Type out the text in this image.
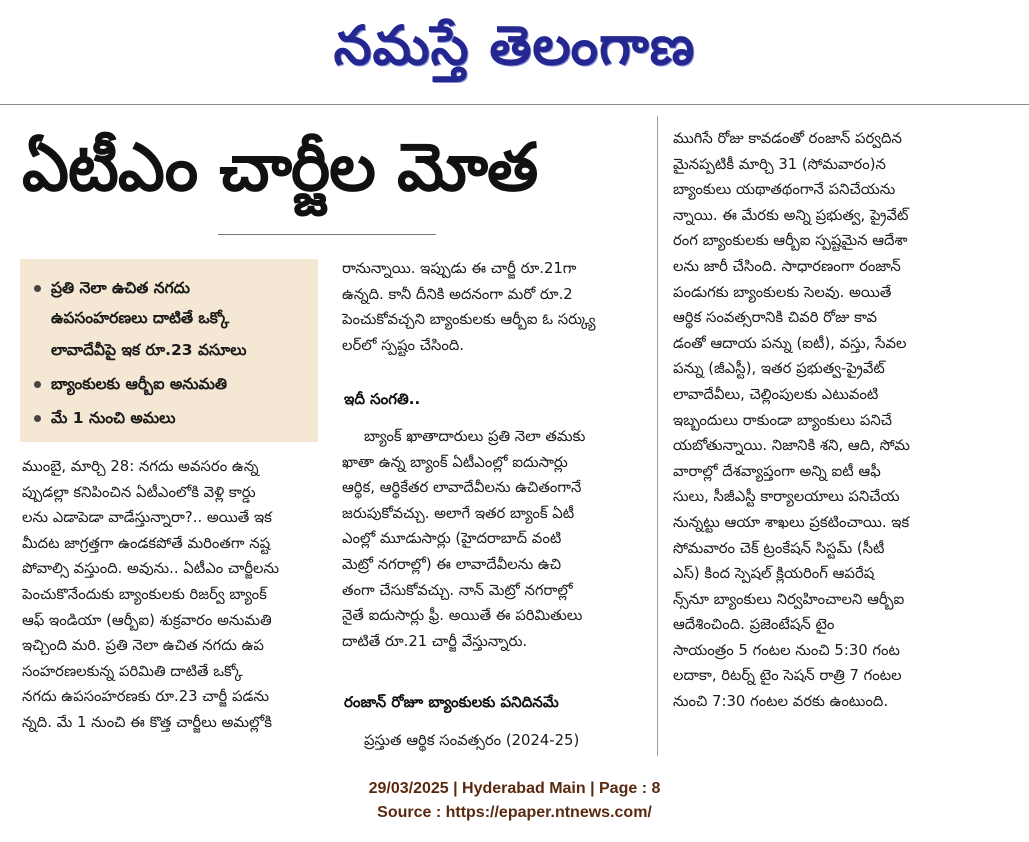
నమస్తే తెలంగాణ
ఏటీఎం చార్జీల మోత
ప్రతి నెలా ఉచిత నగదు
ఉపసంహరణలు దాటితే ఒక్కో
లావాదేవీపై ఇక రూ.23 వసూలు
బ్యాంకులకు ఆర్బీఐ అనుమతి
మే 1 నుంచి అమలు

ముంబై, మార్చి 28: నగదు అవసరం ఉన్న

ప్పుడల్లా కనిపించిన ఏటీఎంలోకి వెళ్లి కార్డు

లను ఎడాపెడా వాడేస్తున్నారా?.. అయితే ఇక

మీదట జాగ్రత్తగా ఉండకపోతే మరింతగా నష్ట

పోవాల్సి వస్తుంది. అవును.. ఏటీఎం చార్జీలను

పెంచుకొనేందుకు బ్యాంకులకు రిజర్వ్ బ్యాంక్

ఆఫ్ ఇండియా (ఆర్బీఐ) శుక్రవారం అనుమతి

ఇచ్చింది మరి. ప్రతి నెలా ఉచిత నగదు ఉప

సంహరణలకున్న పరిమితి దాటితే ఒక్కో

నగదు ఉపసంహరణకు రూ.23 చార్జీ పడను

న్నది. మే 1 నుంచి ఈ కొత్త చార్జీలు అమల్లోకి

రానున్నాయి. ఇప్పుడు ఈ చార్జీ రూ.21గా

ఉన్నది. కానీ దీనికి అదనంగా మరో రూ.2

పెంచుకోవచ్చని బ్యాంకులకు ఆర్బీఐ ఓ సర్క్యు

లర్‌లో స్పష్టం చేసింది.

ఇదీ సంగతి..

బ్యాంక్ ఖాతాదారులు ప్రతి నెలా తమకు

ఖాతా ఉన్న బ్యాంక్ ఏటీఎంల్లో ఐదుసార్లు

ఆర్థిక, ఆర్థికేతర లావాదేవీలను ఉచితంగానే

జరుపుకోవచ్చు. అలాగే ఇతర బ్యాంక్ ఏటీ

ఎంల్లో మూడుసార్లు (హైదరాబాద్ వంటి

మెట్రో నగరాల్లో) ఈ లావాదేవీలను ఉచి

తంగా చేసుకోవచ్చు. నాన్ మెట్రో నగరాల్లో

నైతే ఐదుసార్లు ఫ్రీ. అయితే ఈ పరిమితులు

దాటితే రూ.21 చార్జీ వేస్తున్నారు.

రంజాన్ రోజూ బ్యాంకులకు పనిదినమే

ప్రస్తుత ఆర్థిక సంవత్సరం (2024-25)

ముగిసే రోజు కావడంతో రంజాన్ పర్వదిన

మైనప్పటికీ మార్చి 31 (సోమవారం)న

బ్యాంకులు యథాతథంగానే పనిచేయను

న్నాయి. ఈ మేరకు అన్ని ప్రభుత్వ, ప్రైవేట్

రంగ బ్యాంకులకు ఆర్బీఐ స్పష్టమైన ఆదేశా

లను జారీ చేసింది. సాధారణంగా రంజాన్

పండుగకు బ్యాంకులకు సెలవు. అయితే

ఆర్థిక సంవత్సరానికి చివరి రోజు కావ

డంతో ఆదాయ పన్ను (ఐటీ), వస్తు, సేవల

పన్ను (జీఎస్టీ), ఇతర ప్రభుత్వ-ప్రైవేట్

లావాదేవీలు, చెల్లింపులకు ఎటువంటి

ఇబ్బందులు రాకుండా బ్యాంకులు పనిచే

యబోతున్నాయి. నిజానికి శని, ఆది, సోమ

వారాల్లో దేశవ్యాప్తంగా అన్ని ఐటీ ఆఫీ

సులు, సీజీఎస్టీ కార్యాలయాలు పనిచేయ

నున్నట్టు ఆయా శాఖలు ప్రకటించాయి. ఇక

సోమవారం చెక్ ట్రంకేషన్ సిస్టమ్ (సీటీ

ఎస్) కింద స్పెషల్ క్లియరింగ్ ఆపరేష

న్స్‌నూ బ్యాంకులు నిర్వహించాలని ఆర్బీఐ

ఆదేశించింది. ప్రజెంటేషన్ టైం

సాయంత్రం 5 గంటల నుంచి 5:30 గంట

లదాకా, రిటర్న్ టైం సెషన్ రాత్రి 7 గంటల

నుంచి 7:30 గంటల వరకు ఉంటుంది.

29/03/2025 | Hyderabad Main | Page : 8
Source : https://epaper.ntnews.com/
